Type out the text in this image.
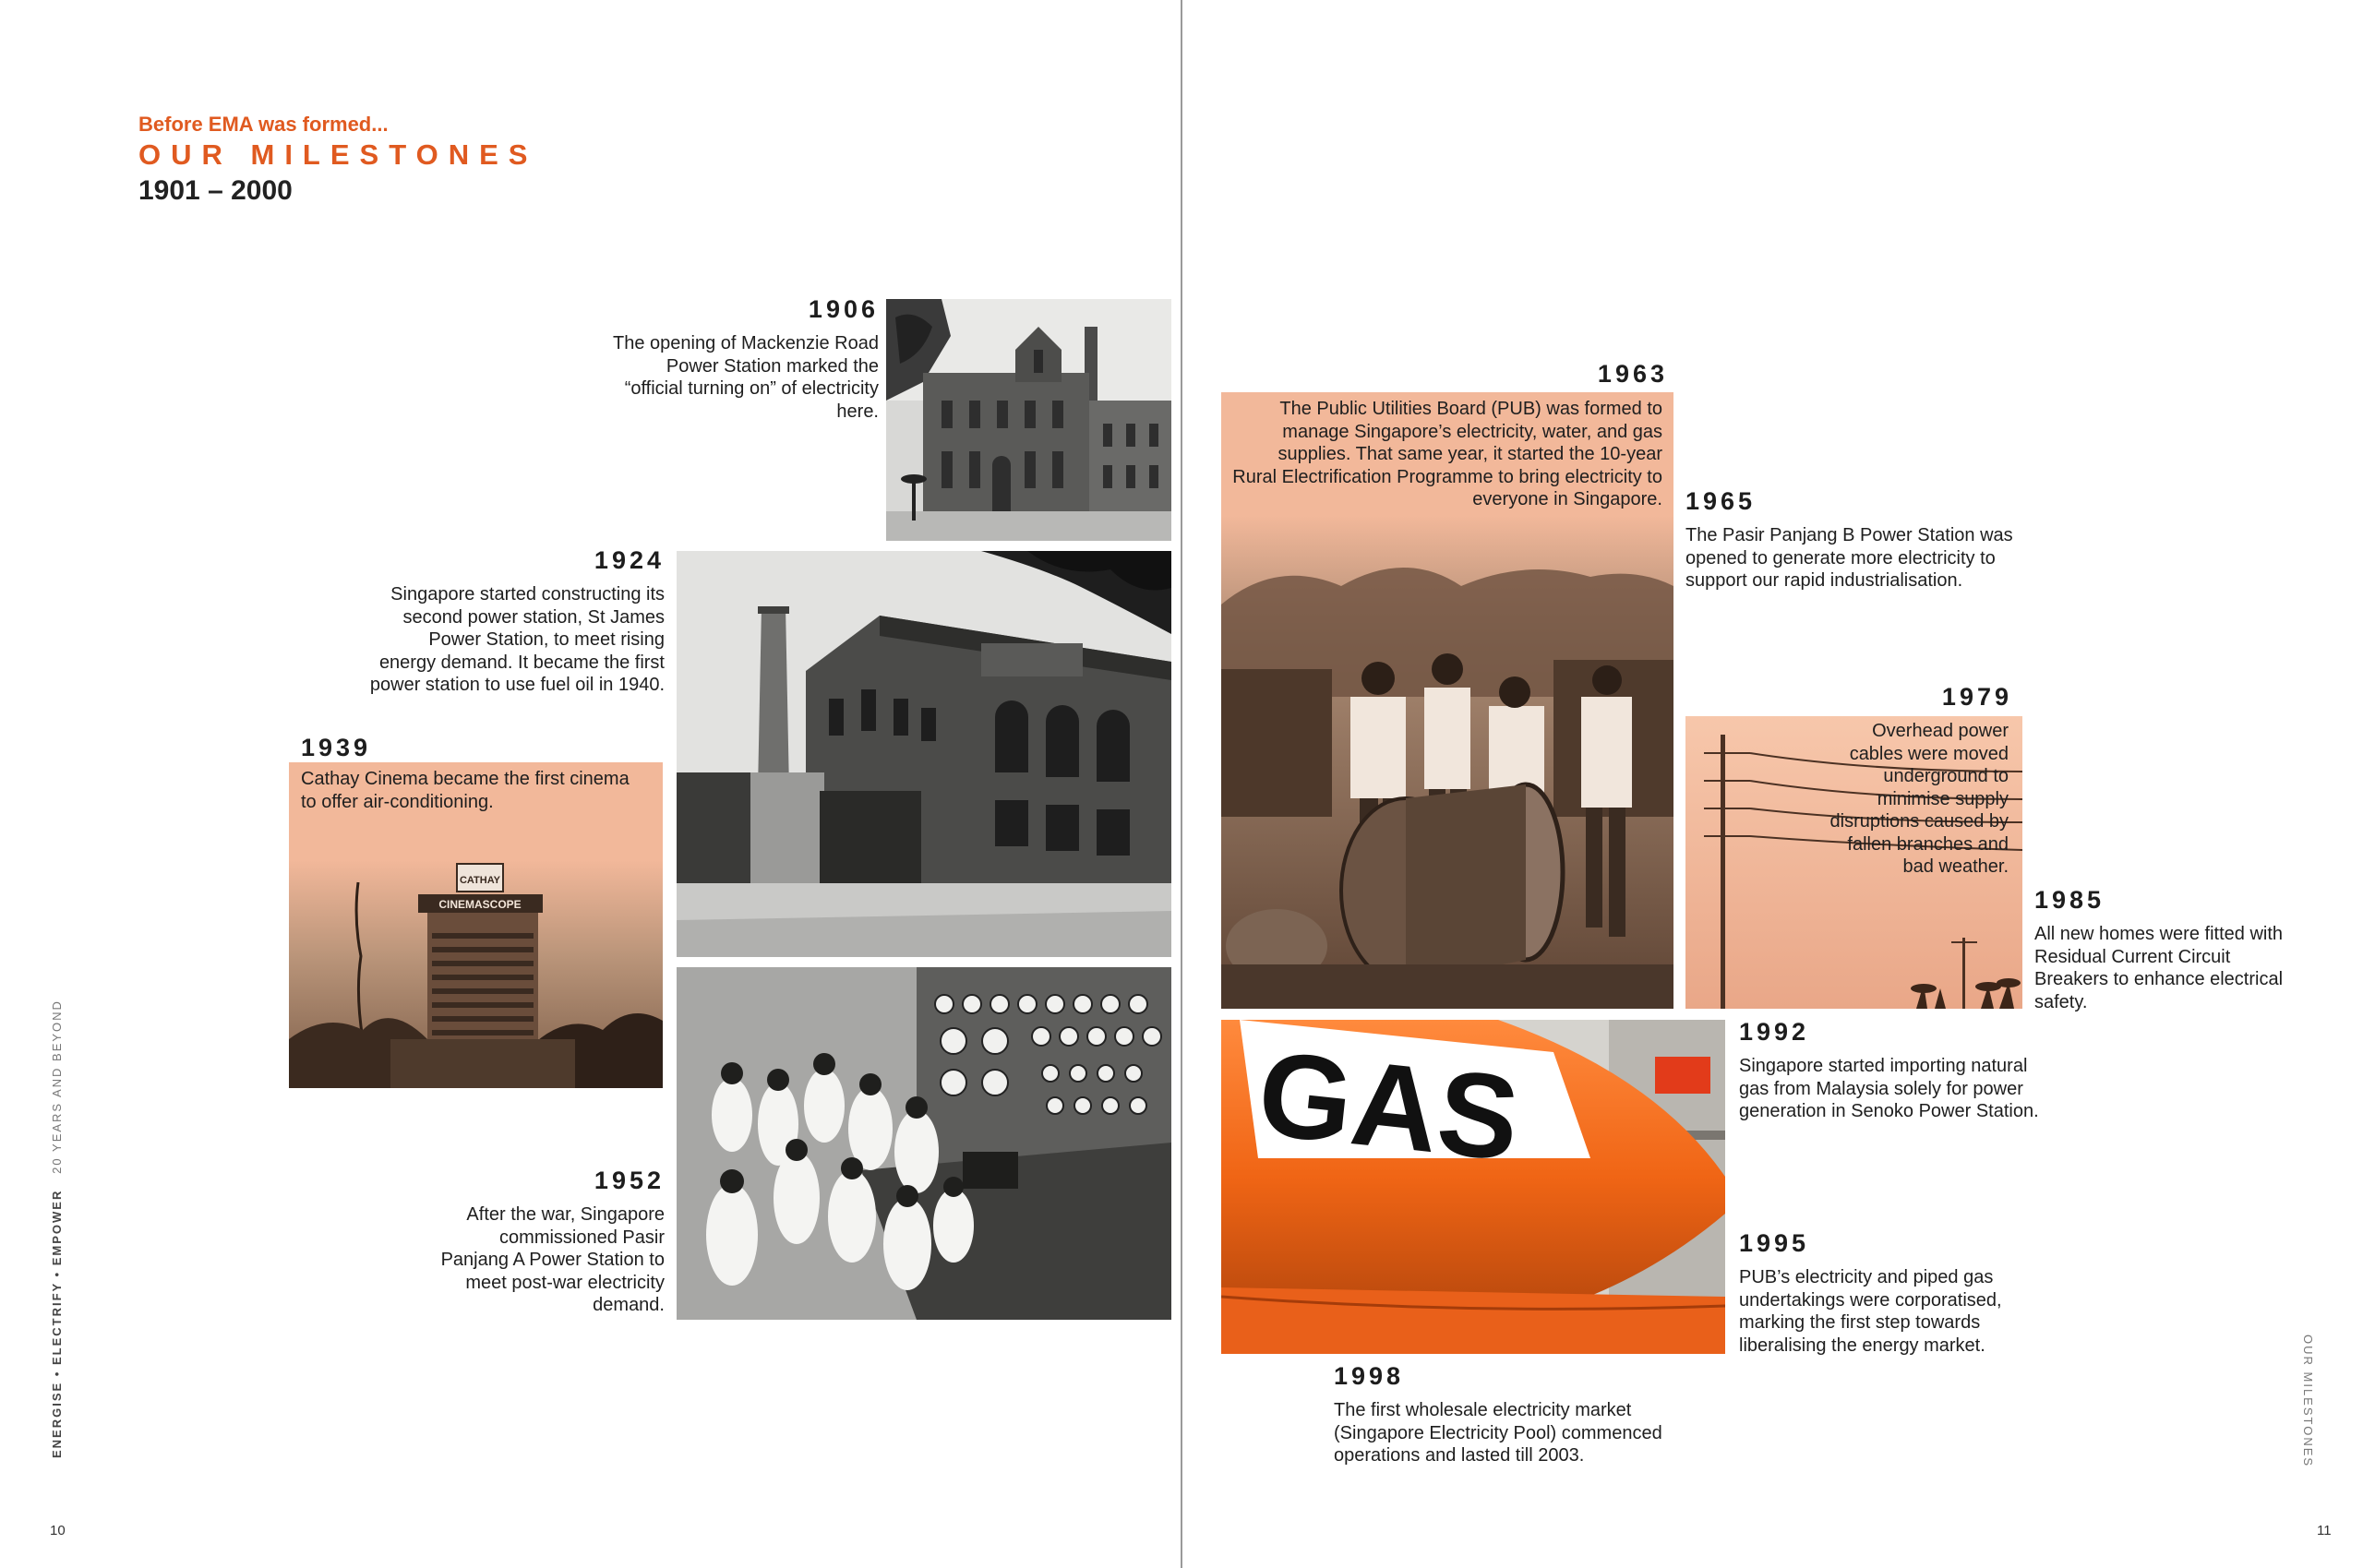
Before EMA was formed...
OUR MILESTONES
1901 – 2000
1906
The opening of Mackenzie Road Power Station marked the “official turning on” of electricity here.
1924
Singapore started constructing its second power station, St James Power Station, to meet rising energy demand. It became the first power station to use fuel oil in 1940.
1939
CATHAY
CINEMASCOPE
Cathay Cinema became the first cinema to offer air-conditioning.
1952
After the war, Singapore commissioned Pasir Panjang A Power Station to meet post-war electricity demand.
1963
The Public Utilities Board (PUB) was formed to manage Singapore’s electricity, water, and gas supplies. That same year, it started the 10-year Rural Electrification Programme to bring electricity to everyone in Singapore. 1965
The Pasir Panjang B Power Station was opened to generate more electricity to support our rapid industrialisation.
1979
Overhead power cables were moved underground to minimise supply disruptions caused by fallen branches and bad weather.
1985
All new homes were fitted with Residual Current Circuit Breakers to enhance electrical safety.
GAS	1992
Singapore started importing natural gas from Malaysia solely for power generation in Senoko Power Station.
1995
PUB’s electricity and piped gas undertakings were corporatised, marking the first step towards liberalising the energy market.
1998
The first wholesale electricity market (Singapore Electricity Pool) commenced operations and lasted till 2003.
ENERGISE • ELECTRIFY • EMPOWER   20 YEARS AND BEYOND
OUR MILESTONES
10	11
